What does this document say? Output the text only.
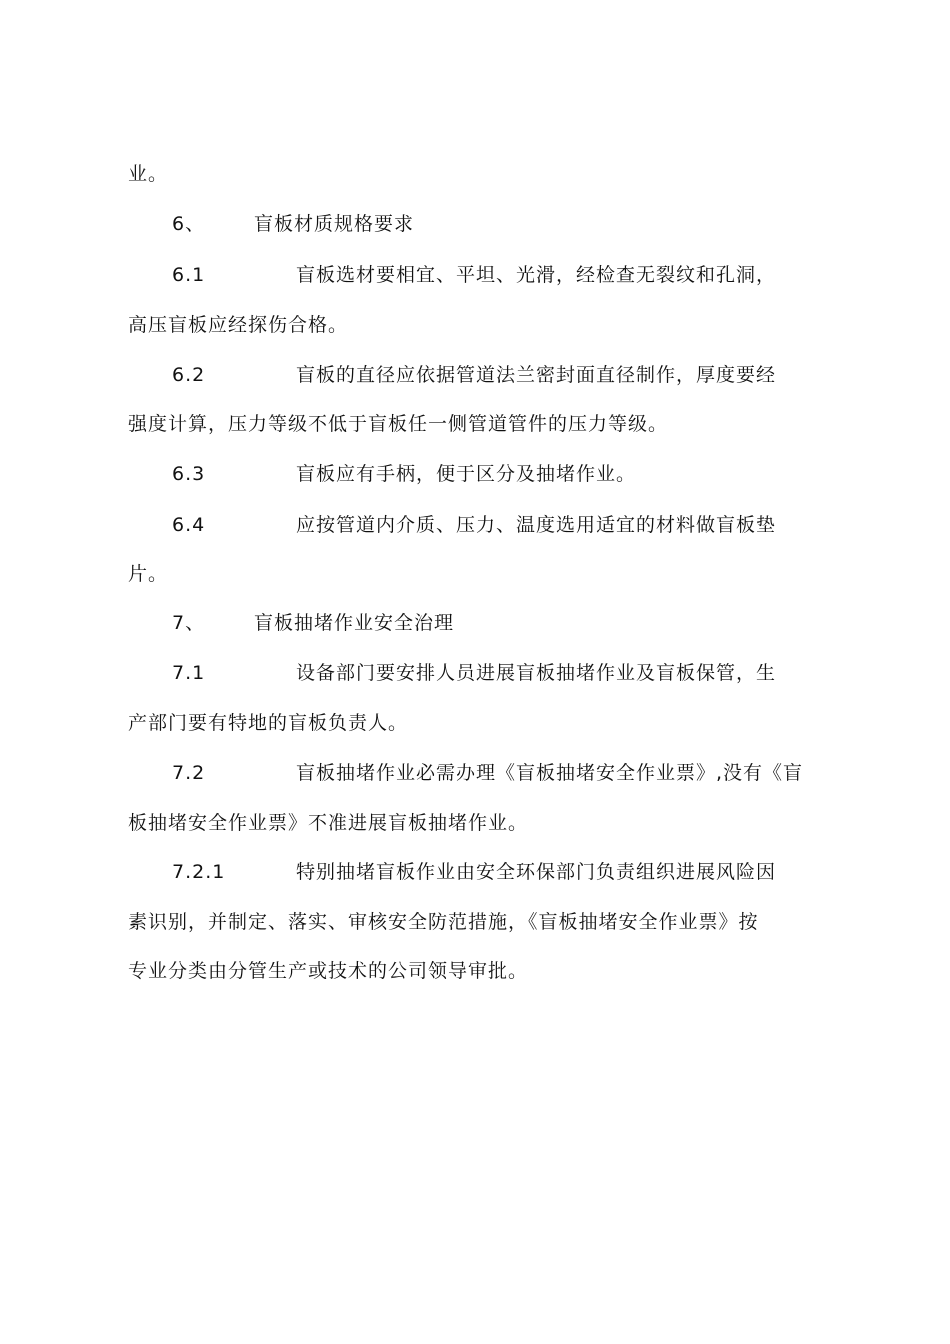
业。
6、	盲板材质规格要求
6.1	盲板选材要相宜、平坦、光滑，经检查无裂纹和孔洞，
高压盲板应经探伤合格。
6.2	盲板的直径应依据管道法兰密封面直径制作，厚度要经
强度计算，压力等级不低于盲板任一侧管道管件的压力等级。
6.3	盲板应有手柄，便于区分及抽堵作业。
6.4	应按管道内介质、压力、温度选用适宜的材料做盲板垫
片。
7、	盲板抽堵作业安全治理
7.1	设备部门要安排人员进展盲板抽堵作业及盲板保管，生
产部门要有特地的盲板负责人。
7.2	盲板抽堵作业必需办理《盲板抽堵安全作业票》,没有《盲
板抽堵安全作业票》不准进展盲板抽堵作业。
7.2.1	特别抽堵盲板作业由安全环保部门负责组织进展风险因
素识别，并制定、落实、审核安全防范措施，《盲板抽堵安全作业票》按
专业分类由分管生产或技术的公司领导审批。
